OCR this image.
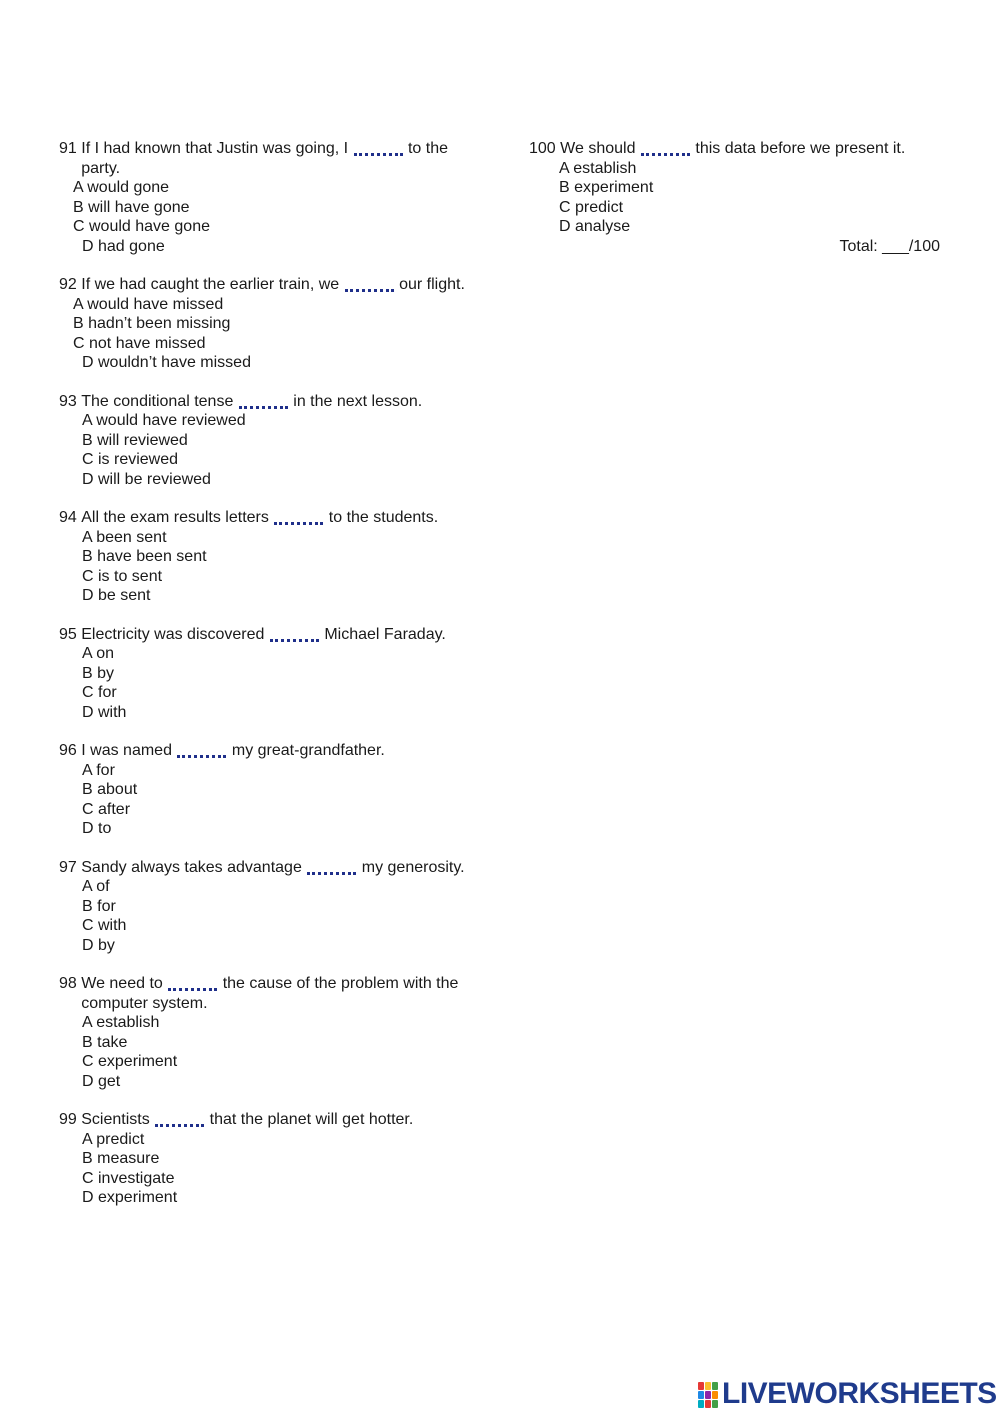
91
If I had known that Justin was going, I	to the party.
A would gone
B will have gone
C would have gone
D had gone
92
If we had caught the earlier train, we	our flight.
A would have missed
B hadn’t been missing
C not have missed
D wouldn’t have missed
93
The conditional tense	in the next lesson.
A would have reviewed
B will reviewed
C is reviewed
D will be reviewed
94
All the exam results letters	to the students.
A been sent
B have been sent
C is to sent
D be sent
95
Electricity was discovered	Michael Faraday.
A on
B by
C for
D with
96
I was named	my great-grandfather.
A for
B about
C after
D to
97
Sandy always takes advantage	my generosity.
A of
B for
C with
D by
98
We need to	the cause of the problem with the computer system.
A establish
B take
C experiment
D get
99
Scientists	that the planet will get hotter.
A predict
B measure
C investigate
D experiment
100
We should	this data before we present it.
A establish
B experiment
C predict
D analyse
Total: ___/100
LIVEWORKSHEETS
